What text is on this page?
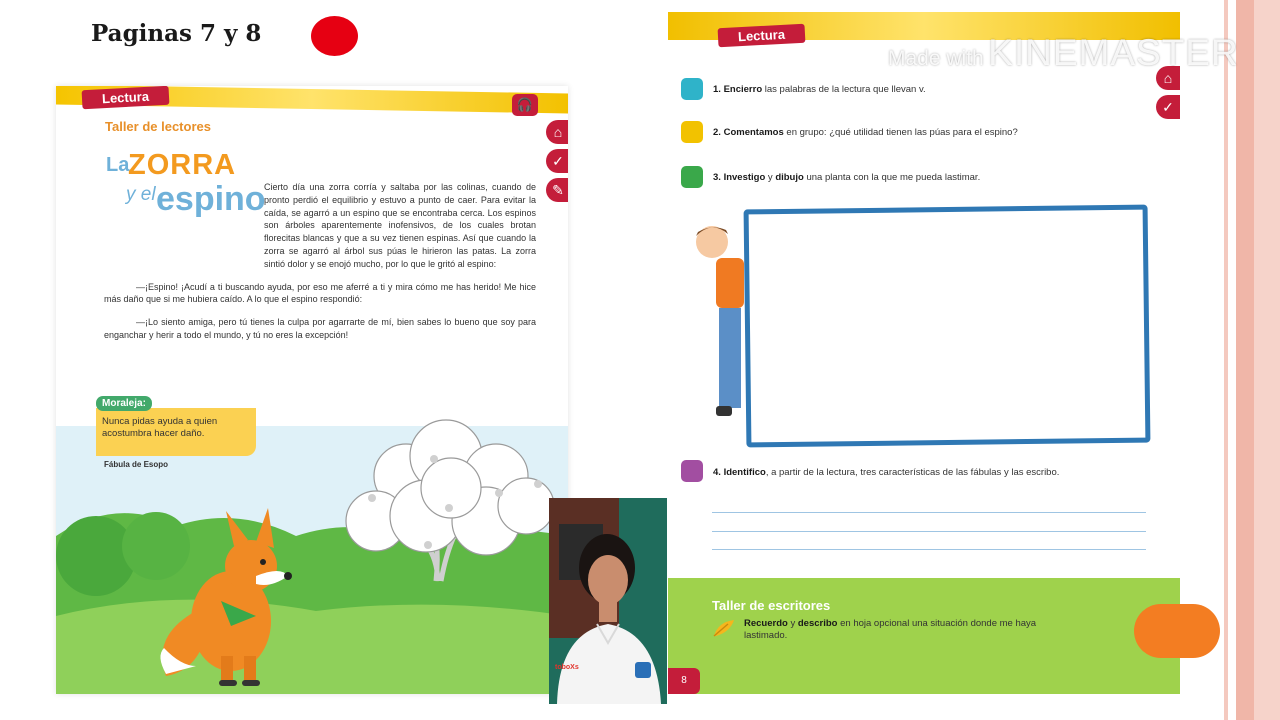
Paginas 7 y 8
Lectura	🎧
⌂
✓
✎
Taller de lectores
La
ZORRA
y el espino

Cierto día una zorra corría y saltaba por las colinas, cuando de pronto perdió el equilibrio y estuvo a punto de caer. Para evitar la caída, se agarró a un espino que se encontraba cerca. Los espinos son árboles aparentemente inofensivos, de los cuales brotan florecitas blancas y que a su vez tienen espinas. Así que cuando la zorra se agarró al árbol sus púas le hirieron las patas. La zorra sintió dolor y se enojó mucho, por lo que le gritó al espino:

—¡Espino! ¡Acudí a ti buscando ayuda, por eso me aferré a ti y mira cómo me has herido! Me hice más daño que si me hubiera caído. A lo que el espino respondió:

—¡Lo siento amiga, pero tú tienes la culpa por agarrarte de mí, bien sabes lo bueno que soy para enganchar y herir a todo el mundo, y tú no eres la excepción!

Moraleja:
Nunca pidas ayuda a quien acostumbra hacer daño.
Fábula de Esopo
Lectura
⌂
✓
1. Encierro las palabras de la lectura que llevan v.
2. Comentamos en grupo: ¿qué utilidad tienen las púas para el espino?
3. Investigo y dibujo una planta con la que me pueda lastimar.
4. Identifico, a partir de la lectura, tres características de las fábulas y las escribo.
Taller de escritores
Recuerdo y describo en hoja opcional una situación donde me haya lastimado.
8
Made with KINEMASTER
toboXs
